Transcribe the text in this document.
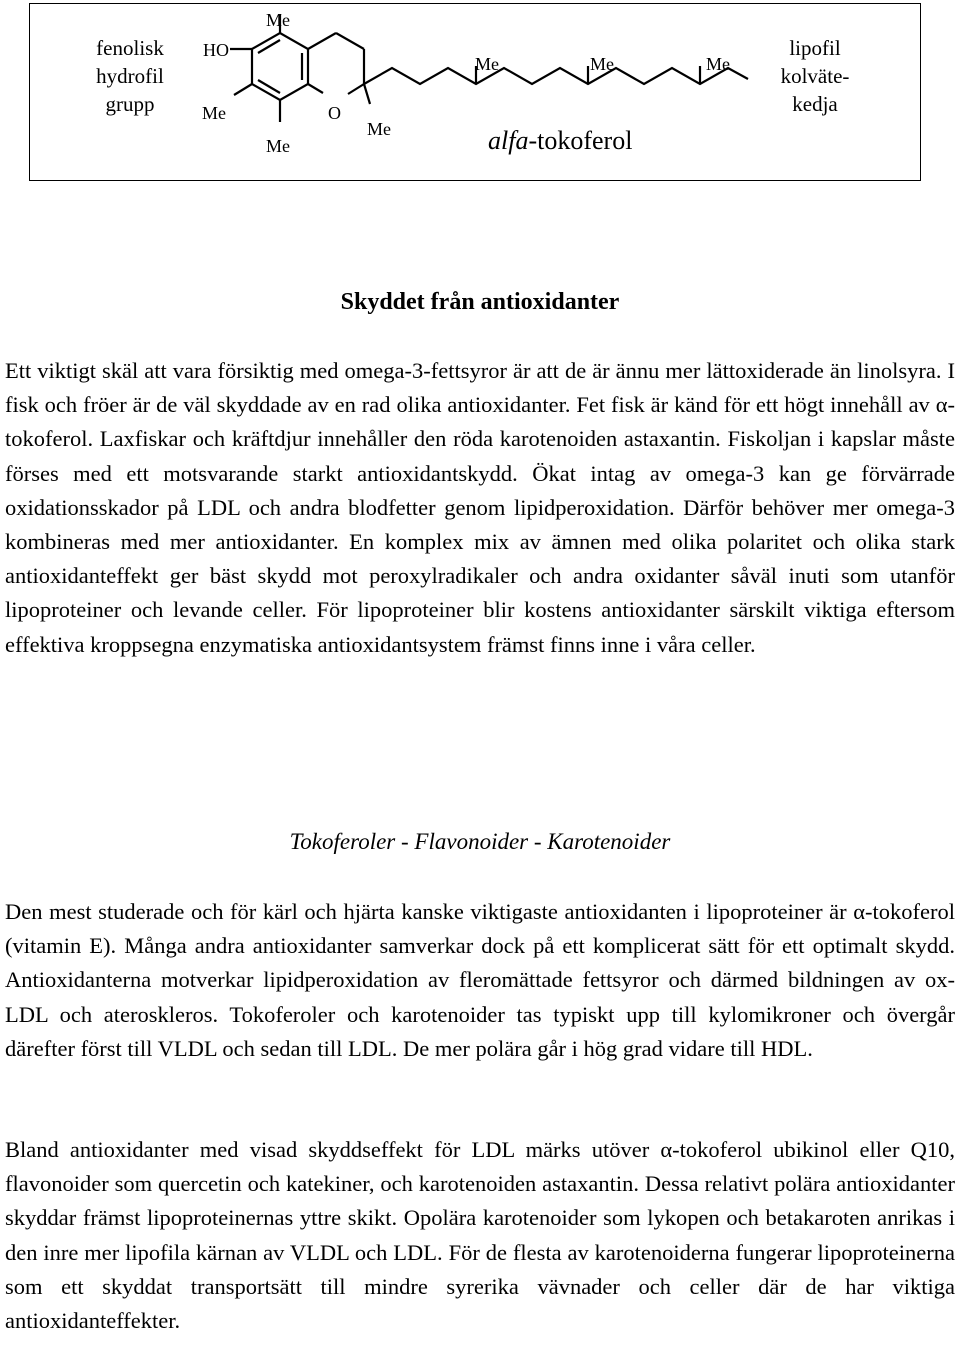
fenolisk hydrofil grupp
lipofil kolväte-kedja
HO
Me
Me
Me
O
Me
Me	Me	Me
alfa-tokoferol
Skyddet från antioxidanter
Ett viktigt skäl att vara försiktig med omega-3-fettsyror är att de är ännu mer lättoxiderade än linolsyra. I fisk och fröer är de väl skyddade av en rad olika antioxidanter. Fet fisk är känd för ett högt innehåll av α-tokoferol. Laxfiskar och kräftdjur innehåller den röda karotenoiden astaxantin. Fiskoljan i kapslar måste förses med ett motsvarande starkt antioxidantskydd. Ökat intag av omega-3 kan ge förvärrade oxidationsskador på LDL och andra blodfetter genom lipidperoxidation. Därför behöver mer omega-3 kombineras med mer antioxidanter. En komplex mix av ämnen med olika polaritet och olika stark antioxidanteffekt ger bäst skydd mot peroxylradikaler och andra oxidanter såväl inuti som utanför lipoproteiner och levande celler. För lipoproteiner blir kostens antioxidanter särskilt viktiga eftersom effektiva kroppsegna enzymatiska antioxidantsystem främst finns inne i våra celler.
Tokoferoler - Flavonoider - Karotenoider
Den mest studerade och för kärl och hjärta kanske viktigaste antioxidanten i lipoproteiner är α-tokoferol (vitamin E). Många andra antioxidanter samverkar dock på ett komplicerat sätt för ett optimalt skydd. Antioxidanterna motverkar lipidperoxidation av fleromättade fettsyror och därmed bildningen av ox-LDL och ateroskleros. Tokoferoler och karotenoider tas typiskt upp till kylomikroner och övergår därefter först till VLDL och sedan till LDL. De mer polära går i hög grad vidare till HDL.
Bland antioxidanter med visad skyddseffekt för LDL märks utöver α-tokoferol ubikinol eller Q10, flavonoider som quercetin och katekiner, och karotenoiden astaxantin. Dessa relativt polära antioxidanter skyddar främst lipoproteinernas yttre skikt. Opolära karotenoider som lykopen och betakaroten anrikas i den inre mer lipofila kärnan av VLDL och LDL. För de flesta av karotenoiderna fungerar lipoproteinerna som ett skyddat transportsätt till mindre syrerika vävnader och celler där de har viktiga antioxidanteffekter.
